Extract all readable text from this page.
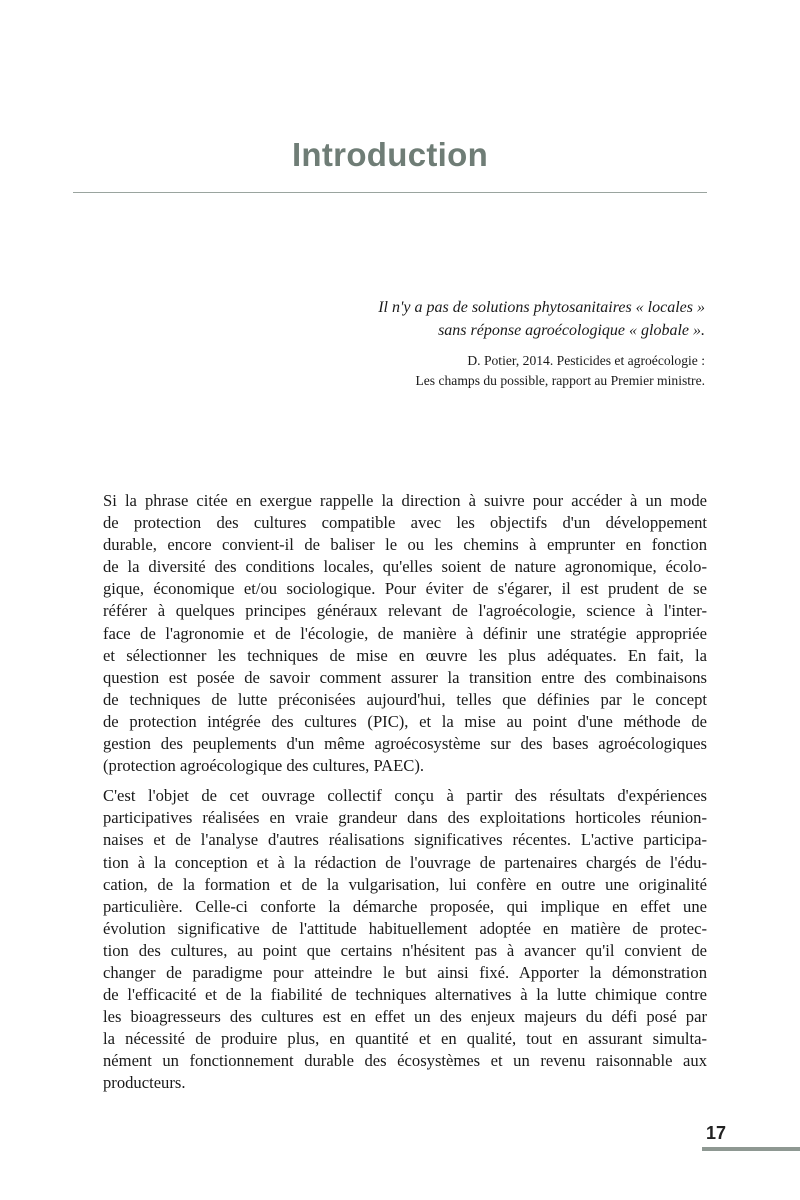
Introduction
Il n'y a pas de solutions phytosanitaires « locales »
sans réponse agroécologique « globale ».
D. Potier, 2014. Pesticides et agroécologie :
Les champs du possible, rapport au Premier ministre.

Si la phrase citée en exergue rappelle la direction à suivre pour accéder à un mode
de protection des cultures compatible avec les objectifs d'un développement
durable, encore convient-il de baliser le ou les chemins à emprunter en fonction
de la diversité des conditions locales, qu'elles soient de nature agronomique, écolo-
gique, économique et/ou sociologique. Pour éviter de s'égarer, il est prudent de se
référer à quelques principes généraux relevant de l'agroécologie, science à l'inter-
face de l'agronomie et de l'écologie, de manière à définir une stratégie appropriée
et sélectionner les techniques de mise en œuvre les plus adéquates. En fait, la
question est posée de savoir comment assurer la transition entre des combinaisons
de techniques de lutte préconisées aujourd'hui, telles que définies par le concept
de protection intégrée des cultures (PIC), et la mise au point d'une méthode de
gestion des peuplements d'un même agroécosystème sur des bases agroécologiques
(protection agroécologique des cultures, PAEC).

C'est l'objet de cet ouvrage collectif conçu à partir des résultats d'expériences
participatives réalisées en vraie grandeur dans des exploitations horticoles réunion-
naises et de l'analyse d'autres réalisations significatives récentes. L'active participa-
tion à la conception et à la rédaction de l'ouvrage de partenaires chargés de l'édu-
cation, de la formation et de la vulgarisation, lui confère en outre une originalité
particulière. Celle-ci conforte la démarche proposée, qui implique en effet une
évolution significative de l'attitude habituellement adoptée en matière de protec-
tion des cultures, au point que certains n'hésitent pas à avancer qu'il convient de
changer de paradigme pour atteindre le but ainsi fixé. Apporter la démonstration
de l'efficacité et de la fiabilité de techniques alternatives à la lutte chimique contre
les bioagresseurs des cultures est en effet un des enjeux majeurs du défi posé par
la nécessité de produire plus, en quantité et en qualité, tout en assurant simulta-
nément un fonctionnement durable des écosystèmes et un revenu raisonnable aux
producteurs.

17
